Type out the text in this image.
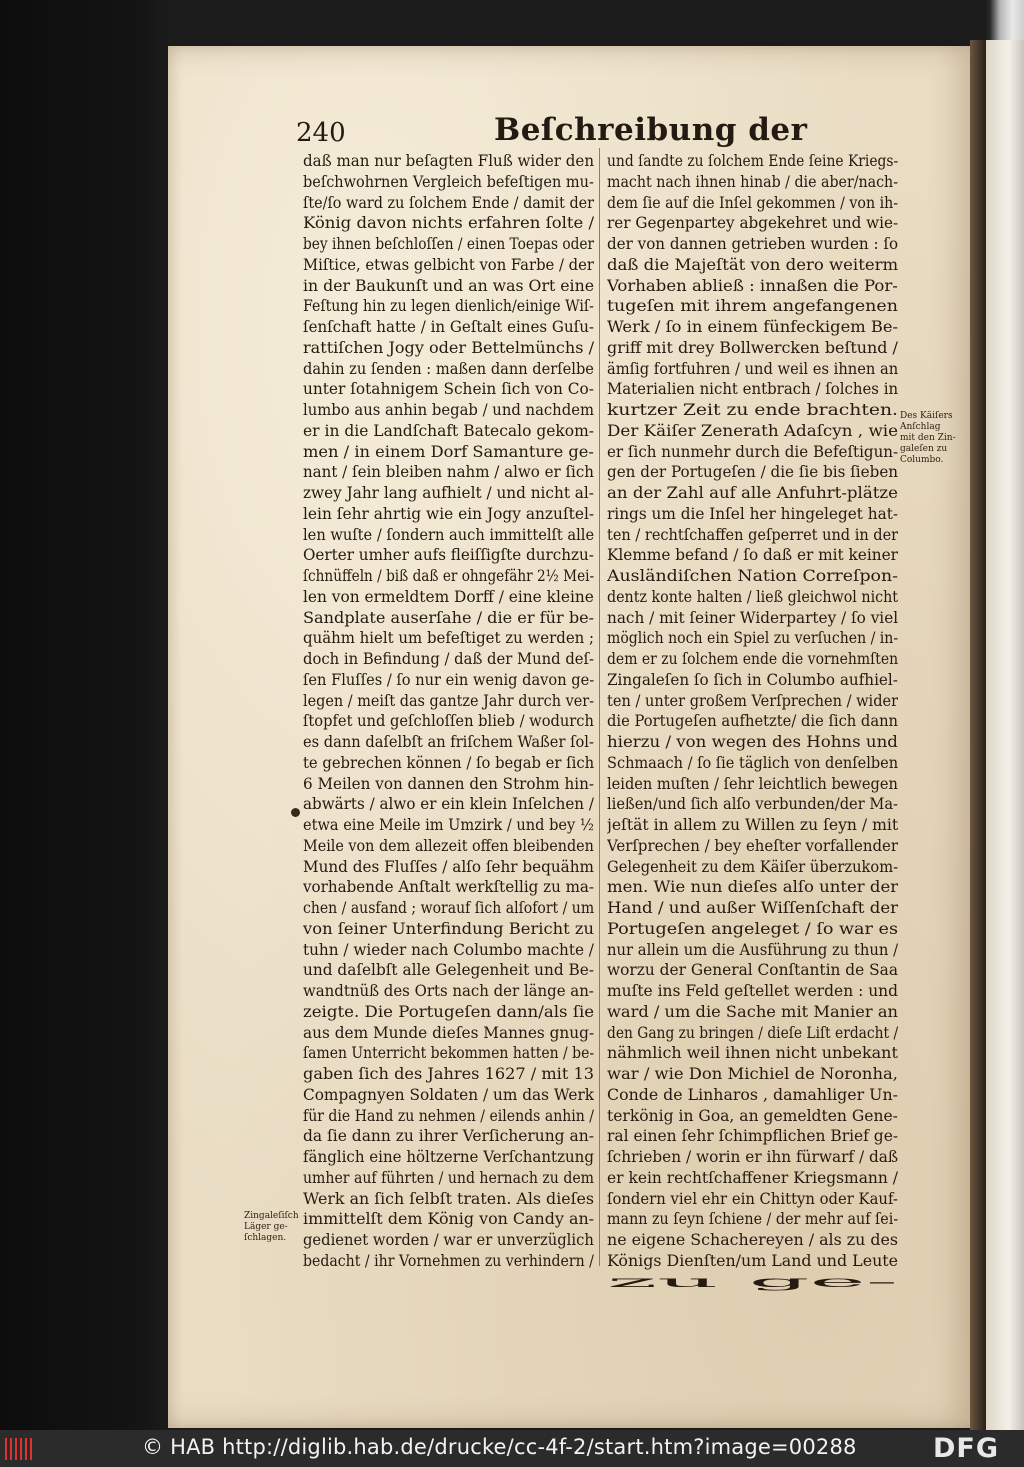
240	Beſchreibung der
daß man nur beſagten Fluß wider den
beſchwohrnen Vergleich befeſtigen mu-
ſte/ſo ward zu ſolchem Ende / damit der
König davon nichts erfahren ſolte /
bey ihnen beſchloſſen / einen Toepas oder
Miſtice, etwas gelbicht von Farbe / der
in der Baukunſt und an was Ort eine
Feſtung hin zu legen dienlich/einige Wiſ-
ſenſchaft hatte / in Geſtalt eines Guſu-
rattiſchen Jogy oder Bettelmünchs /
dahin zu ſenden : maßen dann derſelbe
unter ſotahnigem Schein ſich von Co-
lumbo aus anhin begab / und nachdem
er in die Landſchaft Batecalo gekom-
men / in einem Dorf Samanture ge-
nant / ſein bleiben nahm / alwo er ſich
zwey Jahr lang aufhielt / und nicht al-
lein ſehr ahrtig wie ein Jogy anzuſtel-
len wuſte / ſondern auch immittelſt alle
Oerter umher aufs fleiſſigſte durchzu-
ſchnüffeln / biß daß er ohngefähr 2½ Mei-
len von ermeldtem Dorff / eine kleine
Sandplate auserſahe / die er für be-
quähm hielt um befeſtiget zu werden ;
doch in Befindung / daß der Mund deſ-
ſen Fluſſes / ſo nur ein wenig davon ge-
legen / meiſt das gantze Jahr durch ver-
ſtopfet und geſchloſſen blieb / wodurch
es dann daſelbſt an friſchem Waßer ſol-
te gebrechen können / ſo begab er ſich
6 Meilen von dannen den Strohm hin-
abwärts / alwo er ein klein Inſelchen /
etwa eine Meile im Umzirk / und bey ½
Meile von dem allezeit offen bleibenden
Mund des Fluſſes / alſo ſehr bequähm
vorhabende Anſtalt werkſtellig zu ma-
chen / ausfand ; worauf ſich alſofort / um
von ſeiner Unterfindung Bericht zu
tuhn / wieder nach Columbo machte /
und daſelbſt alle Gelegenheit und Be-
wandtnüß des Orts nach der länge an-
zeigte. Die Portugeſen dann/als ſie
aus dem Munde dieſes Mannes gnug-
ſamen Unterricht bekommen hatten / be-
gaben ſich des Jahres 1627 / mit 13
Compagnyen Soldaten / um das Werk
für die Hand zu nehmen / eilends anhin /
da ſie dann zu ihrer Verſicherung an-
fänglich eine höltzerne Verſchantzung
umher auf führten / und hernach zu dem
Werk an ſich ſelbſt traten. Als dieſes
immittelſt dem König von Candy an-
gedienet worden / war er unverzüglich
bedacht / ihr Vornehmen zu verhindern /
und ſandte zu ſolchem Ende ſeine Kriegs-
macht nach ihnen hinab / die aber/nach-
dem ſie auf die Inſel gekommen / von ih-
rer Gegenpartey abgekehret und wie-
der von dannen getrieben wurden : ſo
daß die Majeſtät von dero weiterm
Vorhaben abließ : innaßen die Por-
tugeſen mit ihrem angefangenen
Werk / ſo in einem fünfeckigem Be-
griff mit drey Bollwercken beſtund /
ämſig fortfuhren / und weil es ihnen an
Materialien nicht entbrach / ſolches in
kurtzer Zeit zu ende brachten.
Der Käiſer Zenerath Adaſcyn , wie
er ſich nunmehr durch die Befeſtigun-
gen der Portugeſen / die ſie bis ſieben
an der Zahl auf alle Anfuhrt-plätze
rings um die Inſel her hingeleget hat-
ten / rechtſchaffen geſperret und in der
Klemme befand / ſo daß er mit keiner
Ausländiſchen Nation Correſpon-
dentz konte halten / ließ gleichwol nicht
nach / mit ſeiner Widerpartey / ſo viel
möglich noch ein Spiel zu verſuchen / in-
dem er zu ſolchem ende die vornehmſten
Zingaleſen ſo ſich in Columbo aufhiel-
ten / unter großem Verſprechen / wider
die Portugeſen aufhetzte/ die ſich dann
hierzu / von wegen des Hohns und
Schmaach / ſo ſie täglich von denſelben
leiden muſten / ſehr leichtlich bewegen
ließen/und ſich alſo verbunden/der Ma-
jeſtät in allem zu Willen zu ſeyn / mit
Verſprechen / bey eheſter vorfallender
Gelegenheit zu dem Käiſer überzukom-
men. Wie nun dieſes alſo unter der
Hand / und außer Wiſſenſchaft der
Portugeſen angeleget / ſo war es
nur allein um die Ausführung zu thun /
worzu der General Conſtantin de Saa
muſte ins Feld geſtellet werden : und
ward / um die Sache mit Manier an
den Gang zu bringen / dieſe Liſt erdacht /
nähmlich weil ihnen nicht unbekant
war / wie Don Michiel de Noronha,
Conde de Linharos , damahliger Un-
terkönig in Goa, an gemeldten Gene-
ral einen ſehr ſchimpflichen Brief ge-
ſchrieben / worin er ihn fürwarf / daß
er kein rechtſchaffener Kriegsmann /
ſondern viel ehr ein Chittyn oder Kauf-
mann zu ſeyn ſchiene / der mehr auf ſei-
ne eigene Schachereyen / als zu des
Königs Dienſten/um Land und Leute
zu ge-
Des Käiſers
Anſchlag
mit den Zin-
galeſen zu
Columbo.
Zingaleſiſch
Läger ge-
ſchlagen.
© HAB http://diglib.hab.de/drucke/cc-4f-2/start.htm?image=00288	DFG
